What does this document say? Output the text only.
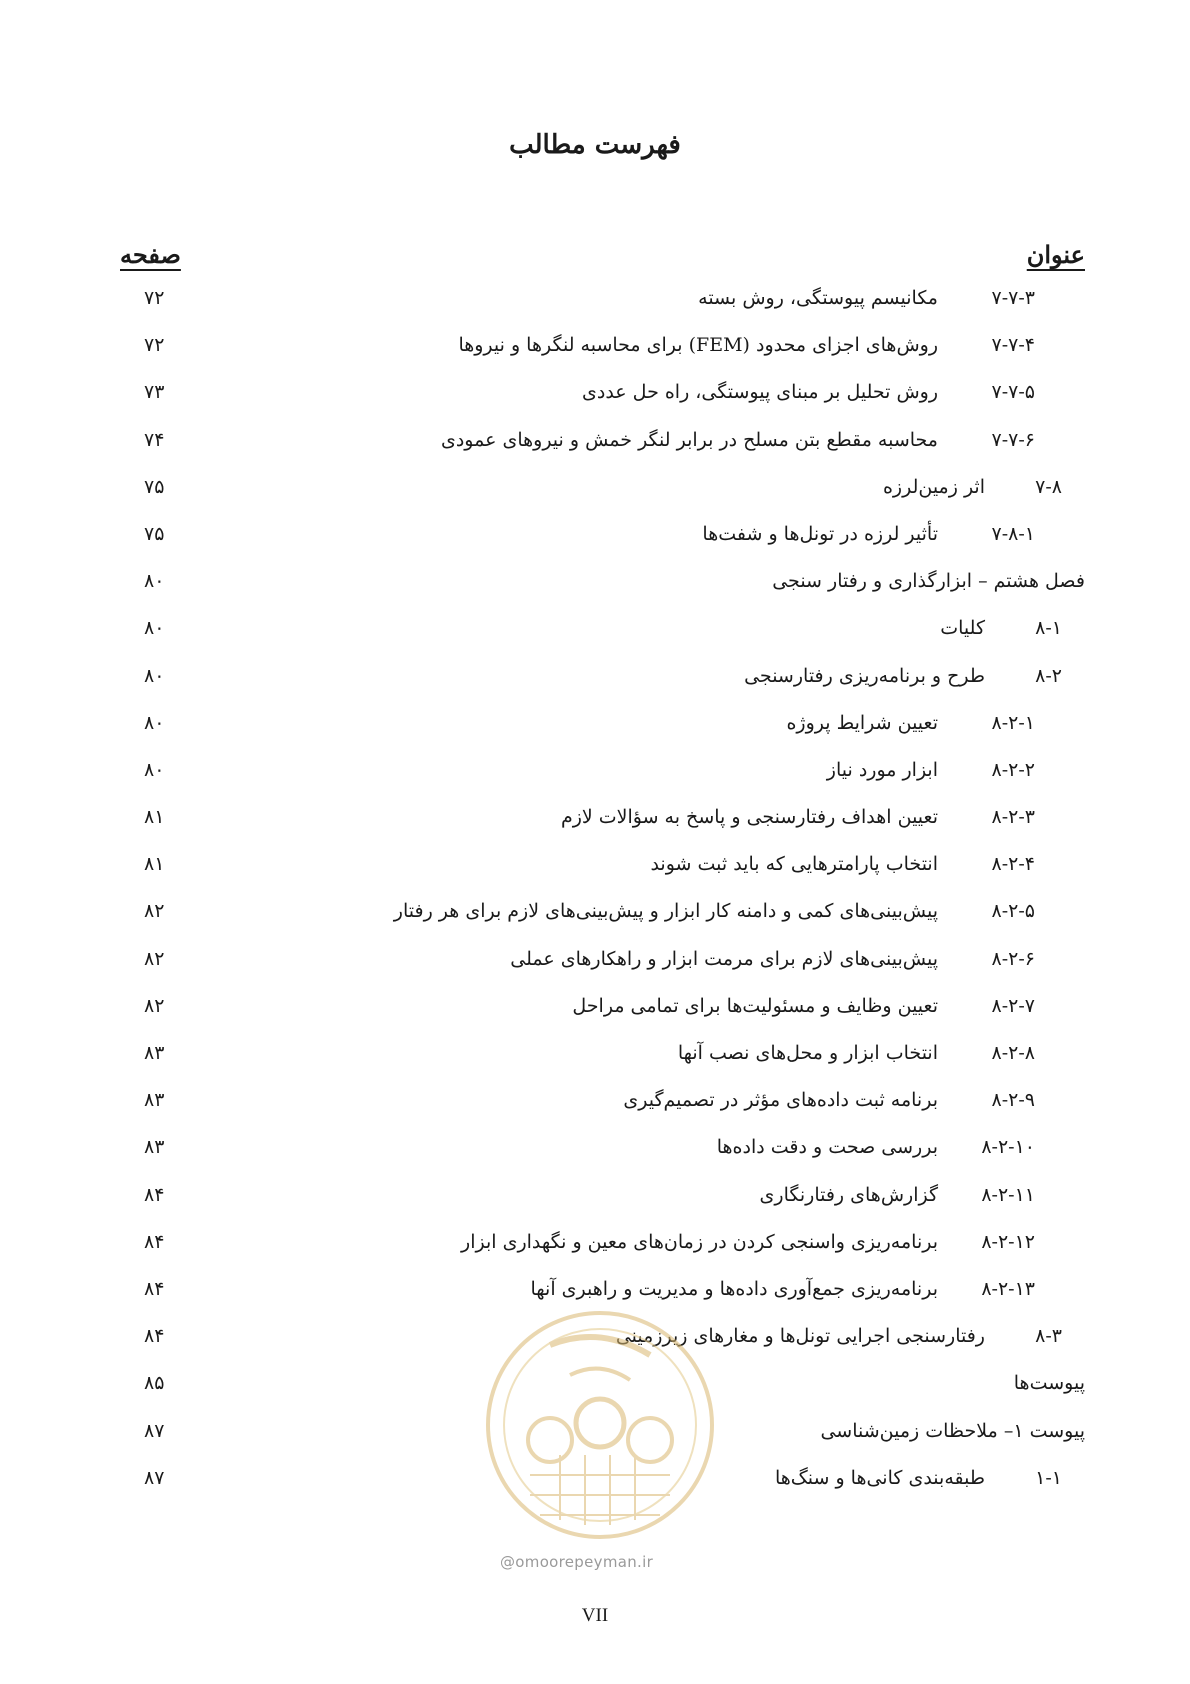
فهرست مطالب
عنوان
صفحه
۷-۷-۳
مکانیسم پیوستگی، روش بسته
۷۲
۷-۷-۴
روش‌های اجزای محدود (FEM) برای محاسبه لنگرها و نیروها
۷۲
۷-۷-۵
روش تحلیل بر مبنای پیوستگی، راه حل عددی
۷۳
۷-۷-۶
محاسبه مقطع بتن مسلح در برابر لنگر خمش و نیروهای عمودی
۷۴
۷-۸
اثر زمین‌لرزه
۷۵
۷-۸-۱
تأثیر لرزه در تونل‌ها و شفت‌ها
۷۵
فصل هشتم – ابزارگذاری و رفتار سنجی
۸۰
۸-۱
کلیات
۸۰
۸-۲
طرح و برنامه‌ریزی رفتارسنجی
۸۰
۸-۲-۱
تعیین شرایط پروژه
۸۰
۸-۲-۲
ابزار مورد نیاز
۸۰
۸-۲-۳
تعیین اهداف رفتارسنجی و پاسخ به سؤالات لازم
۸۱
۸-۲-۴
انتخاب پارامترهایی که باید ثبت شوند
۸۱
۸-۲-۵
پیش‌بینی‌های کمی و دامنه کار ابزار و پیش‌بینی‌های لازم برای هر رفتار
۸۲
۸-۲-۶
پیش‌بینی‌های لازم برای مرمت ابزار و راهکارهای عملی
۸۲
۸-۲-۷
تعیین وظایف و مسئولیت‌ها برای تمامی مراحل
۸۲
۸-۲-۸
انتخاب ابزار و محل‌های نصب آنها
۸۳
۸-۲-۹
برنامه ثبت داده‌های مؤثر در تصمیم‌گیری
۸۳
۸-۲-۱۰
بررسی صحت و دقت داده‌ها
۸۳
۸-۲-۱۱
گزارش‌های رفتارنگاری
۸۴
۸-۲-۱۲
برنامه‌ریزی واسنجی کردن در زمان‌های معین و نگهداری ابزار
۸۴
۸-۲-۱۳
برنامه‌ریزی جمع‌آوری داده‌ها و مدیریت و راهبری آنها
۸۴
۸-۳
رفتارسنجی اجرایی تونل‌ها و مغارهای زیرزمینی
۸۴
پیوست‌ها
۸۵
پیوست ۱– ملاحظات زمین‌شناسی
۸۷
۱-۱
طبقه‌بندی کانی‌ها و سنگ‌ها
۸۷
@omoorepeyman.ir
VII
